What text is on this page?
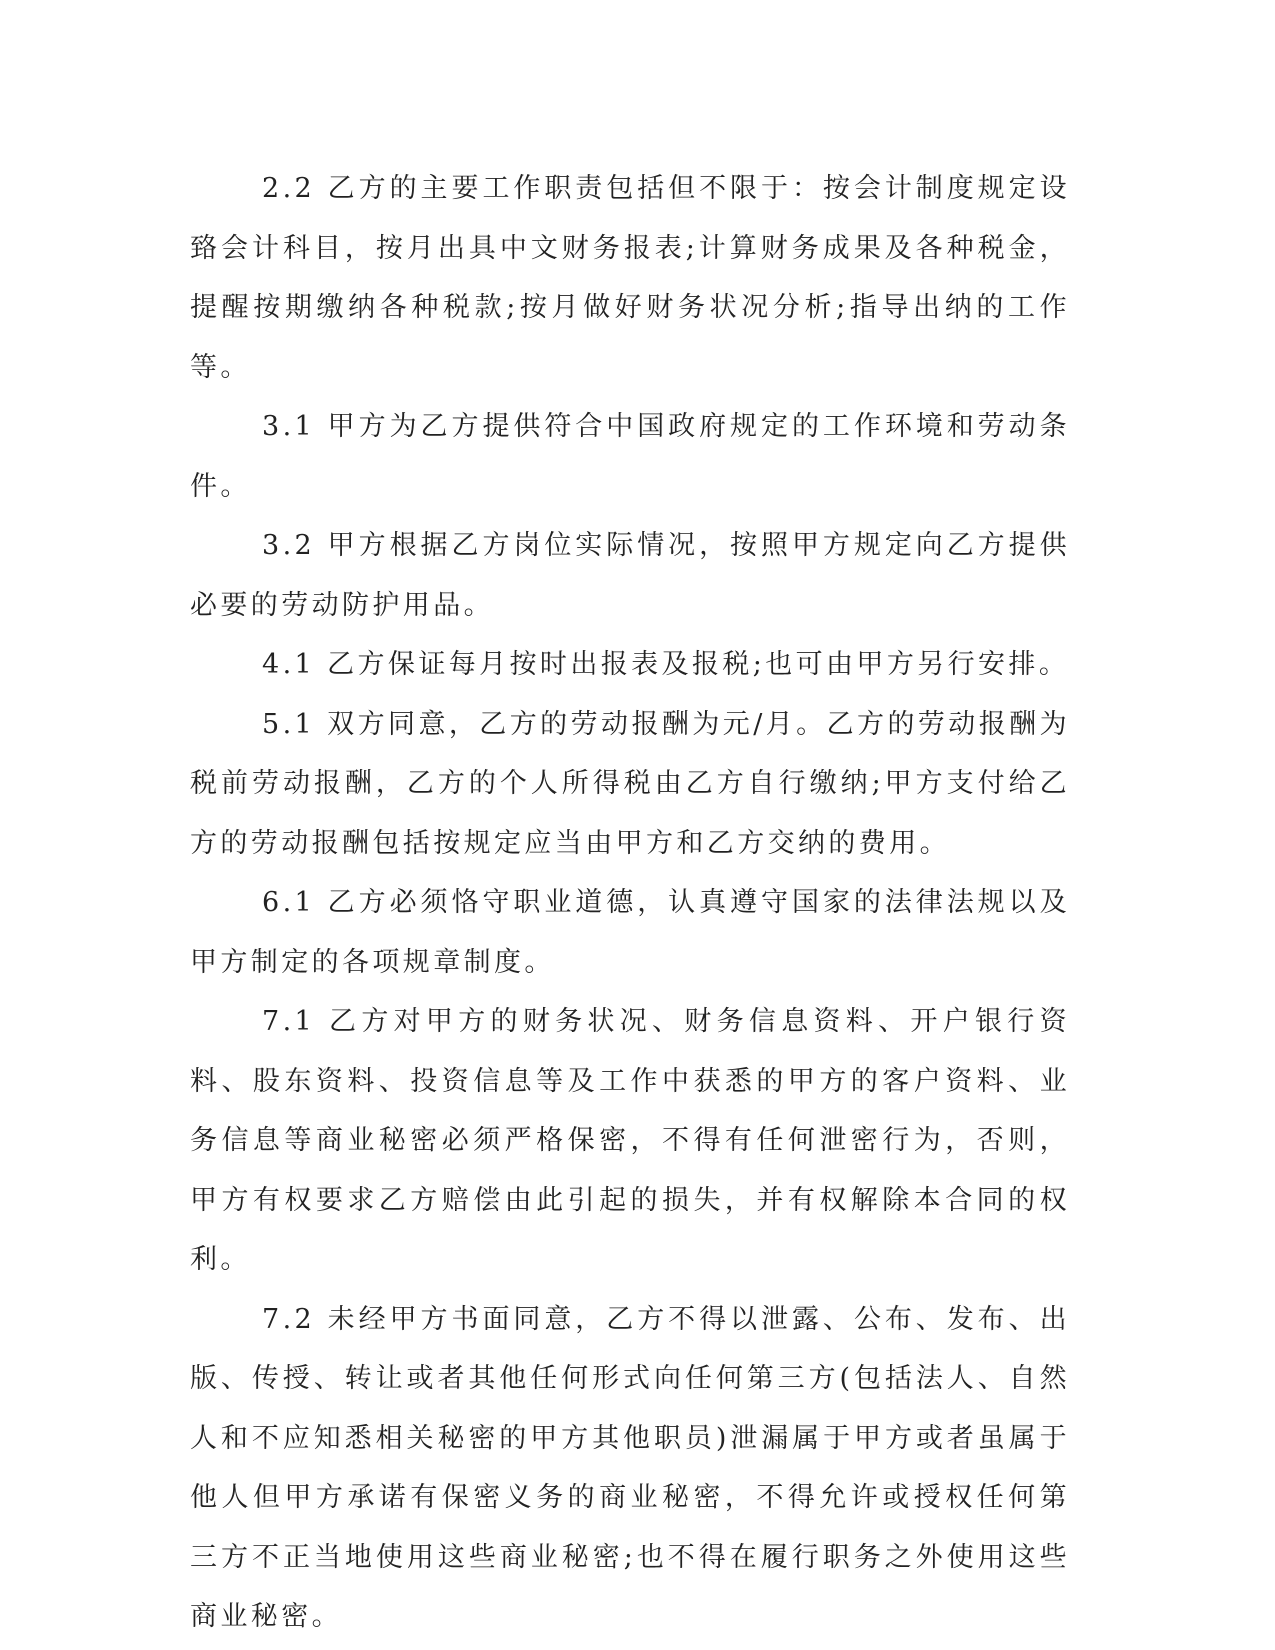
2.2 乙方的主要工作职责包括但不限于：按会计制度规定设臵会计科目，按月出具中文财务报表;计算财务成果及各种税金，提醒按期缴纳各种税款;按月做好财务状况分析;指导出纳的工作等。

3.1 甲方为乙方提供符合中国政府规定的工作环境和劳动条件。

3.2 甲方根据乙方岗位实际情况，按照甲方规定向乙方提供必要的劳动防护用品。

4.1 乙方保证每月按时出报表及报税;也可由甲方另行安排。

5.1 双方同意，乙方的劳动报酬为元/月。乙方的劳动报酬为税前劳动报酬，乙方的个人所得税由乙方自行缴纳;甲方支付给乙方的劳动报酬包括按规定应当由甲方和乙方交纳的费用。

6.1 乙方必须恪守职业道德，认真遵守国家的法律法规以及甲方制定的各项规章制度。

7.1 乙方对甲方的财务状况、财务信息资料、开户银行资料、股东资料、投资信息等及工作中获悉的甲方的客户资料、业务信息等商业秘密必须严格保密，不得有任何泄密行为，否则，甲方有权要求乙方赔偿由此引起的损失，并有权解除本合同的权利。

7.2 未经甲方书面同意，乙方不得以泄露、公布、发布、出版、传授、转让或者其他任何形式向任何第三方(包括法人、自然人和不应知悉相关秘密的甲方其他职员)泄漏属于甲方或者虽属于他人但甲方承诺有保密义务的商业秘密，不得允许或授权任何第三方不正当地使用这些商业秘密;也不得在履行职务之外使用这些商业秘密。
